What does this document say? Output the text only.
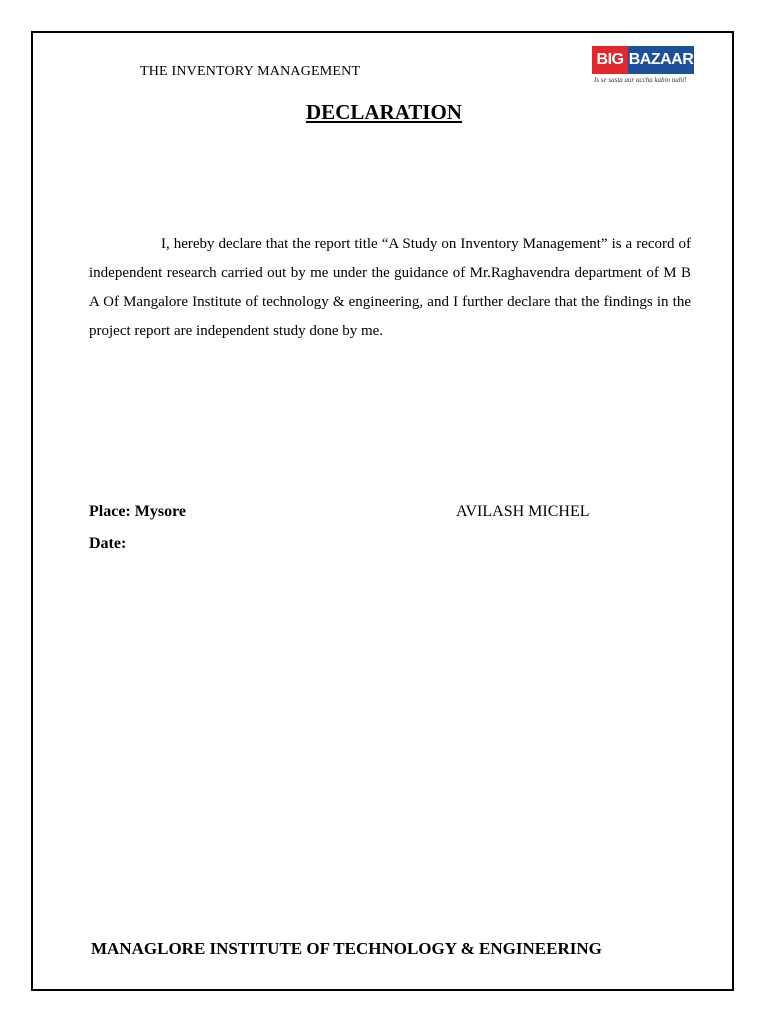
THE INVENTORY MANAGEMENT
BIG BAZAAR
Is se sasta aur accha kahin nahi!
DECLARATION
I, hereby declare that the report title “A Study on Inventory Management” is a record of independent research carried out by me under the guidance of Mr.Raghavendra department of M B A Of Mangalore Institute of technology & engineering, and I further declare that the findings in the project report are independent study done by me.
Place: Mysore
Date:
AVILASH MICHEL
MANAGLORE INSTITUTE OF TECHNOLOGY & ENGINEERING
